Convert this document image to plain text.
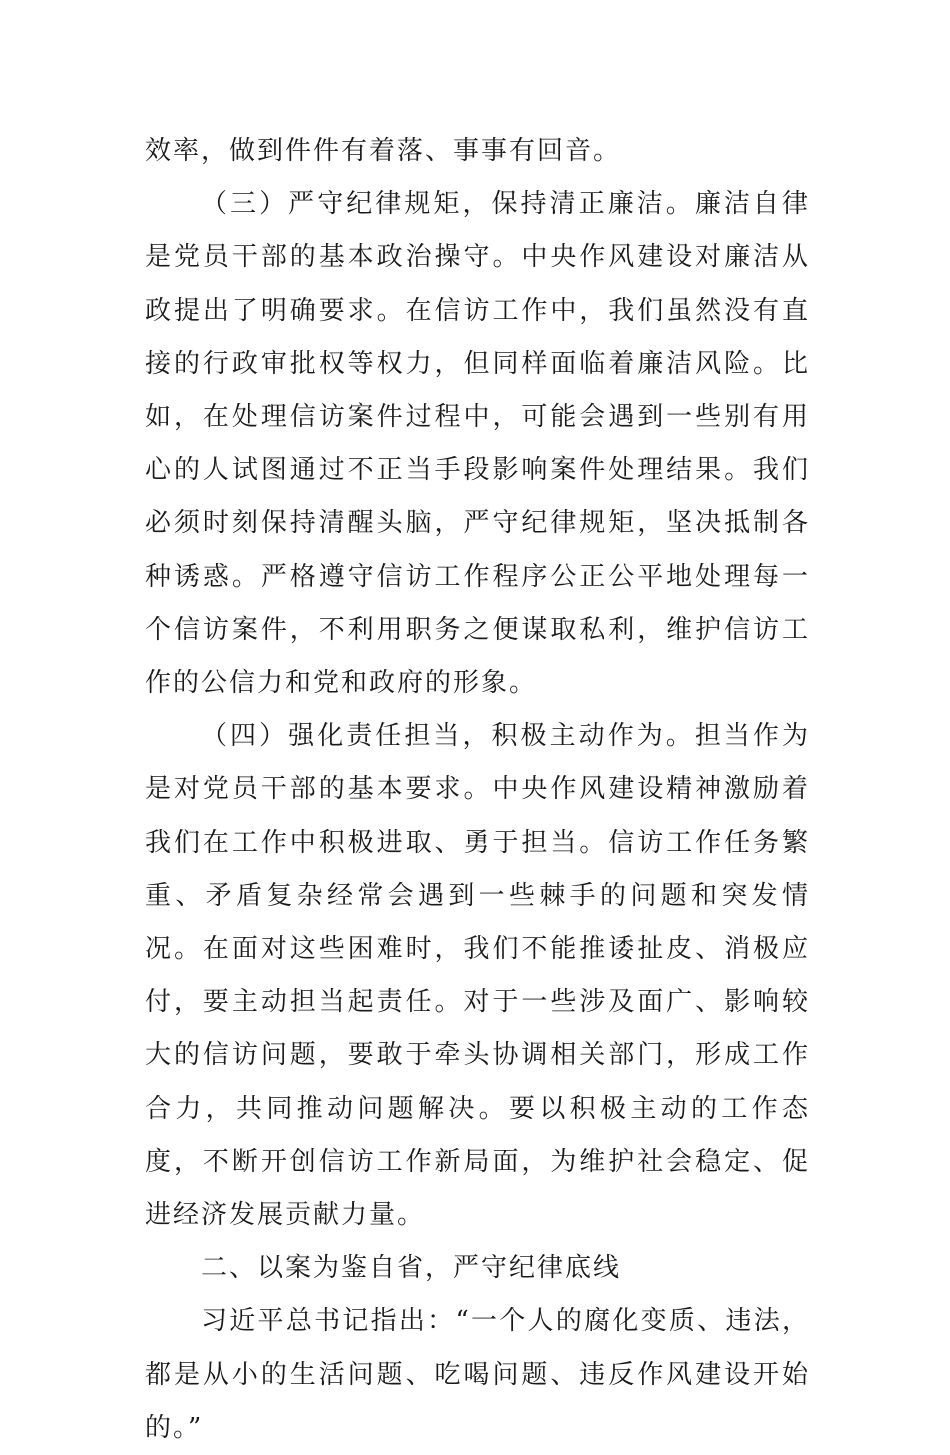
效率，做到件件有着落、事事有回音。

（三）严守纪律规矩，保持清正廉洁。廉洁自律是党员干部的基本政治操守。中央作风建设对廉洁从政提出了明确要求。在信访工作中，我们虽然没有直接的行政审批权等权力，但同样面临着廉洁风险。比如，在处理信访案件过程中，可能会遇到一些别有用心的人试图通过不正当手段影响案件处理结果。我们必须时刻保持清醒头脑，严守纪律规矩，坚决抵制各种诱惑。严格遵守信访工作程序公正公平地处理每一个信访案件，不利用职务之便谋取私利，维护信访工作的公信力和党和政府的形象。

（四）强化责任担当，积极主动作为。担当作为是对党员干部的基本要求。中央作风建设精神激励着我们在工作中积极进取、勇于担当。信访工作任务繁重、矛盾复杂经常会遇到一些棘手的问题和突发情况。在面对这些困难时，我们不能推诿扯皮、消极应付，要主动担当起责任。对于一些涉及面广、影响较大的信访问题，要敢于牵头协调相关部门，形成工作合力，共同推动问题解决。要以积极主动的工作态度，不断开创信访工作新局面，为维护社会稳定、促进经济发展贡献力量。

二、以案为鉴自省，严守纪律底线

习近平总书记指出：“一个人的腐化变质、违法，都是从小的生活问题、吃喝问题、违反作风建设开始的。”
